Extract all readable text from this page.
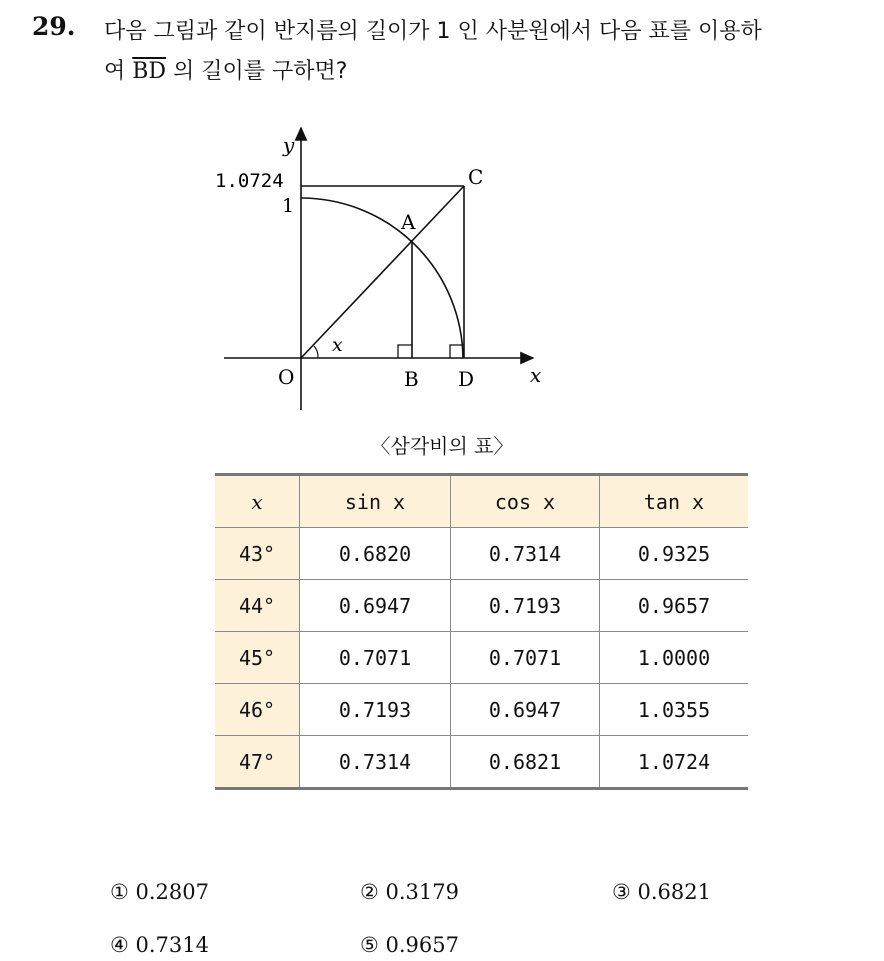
29. 다음 그림과 같이 반지름의 길이가 1 인 사분원에서 다음 표를 이용하
여 $\overline{BD}$ 의 길이를 구하면?
y
x
1.0724
1
C
A
O	B D
x
〈삼각비의 표〉
x	sin x	cos x	tan x
43°	0.6820	0.7314	0.9325
44°	0.6947	0.7193	0.9657
45°	0.7071	0.7071	1.0000
46°	0.7193	0.6947	1.0355
47°	0.7314	0.6821	1.0724
① 0.2807	② 0.3179	③ 0.6821
④ 0.7314	⑤ 0.9657
